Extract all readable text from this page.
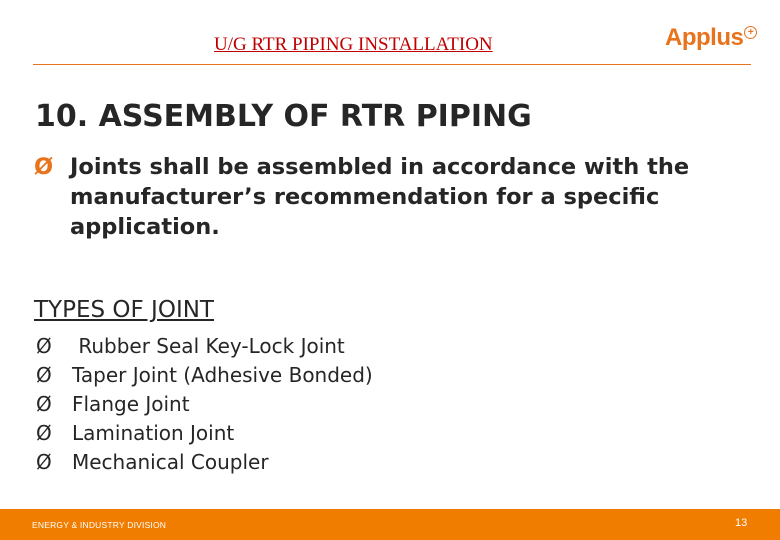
U/G RTR PIPING INSTALLATION	Applus +
10. ASSEMBLY OF RTR PIPING
Ø Joints shall be assembled in accordance with the manufacturer’s recommendation for a specific application.
TYPES OF JOINT
Ø Rubber Seal Key-Lock Joint
Ø Taper Joint (Adhesive Bonded)
Ø Flange Joint
Ø Lamination Joint
Ø Mechanical Coupler
ENERGY & INDUSTRY DIVISION	13
